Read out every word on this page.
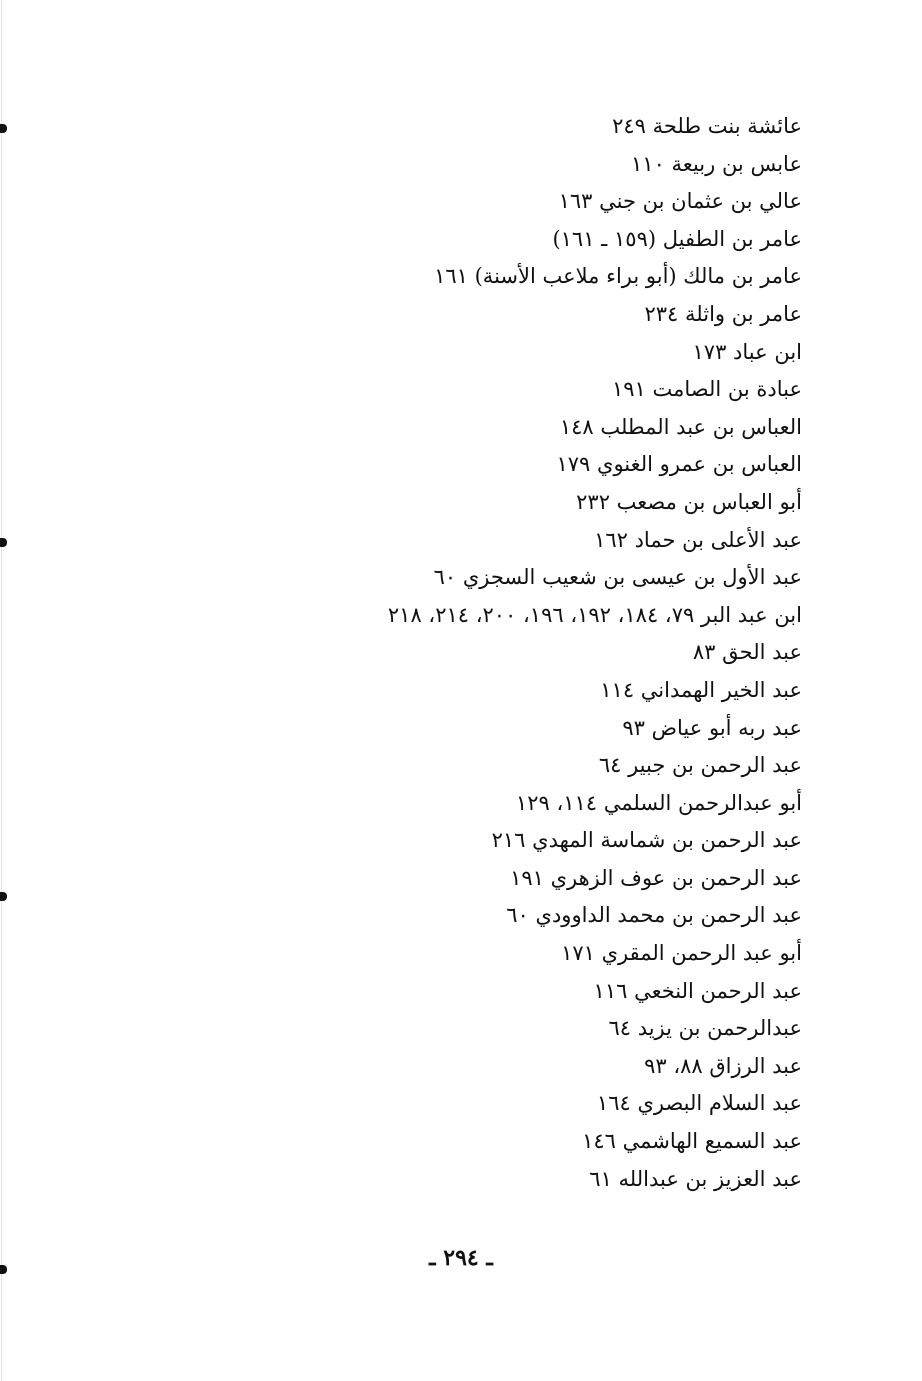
عائشة بنت طلحة ٢٤٩
عابس بن ربيعة ١١٠
عالي بن عثمان بن جني ١٦٣
عامر بن الطفيل (١٥٩ ـ ١٦١)
عامر بن مالك (أبو براء ملاعب الأسنة) ١٦١
عامر بن واثلة ٢٣٤
ابن عباد ١٧٣
عبادة بن الصامت ١٩١
العباس بن عبد المطلب ١٤٨
العباس بن عمرو الغنوي ١٧٩
أبو العباس بن مصعب ٢٣٢
عبد الأعلى بن حماد ١٦٢
عبد الأول بن عيسى بن شعيب السجزي ٦٠
ابن عبد البر ٧٩، ١٨٤، ١٩٢، ١٩٦، ٢٠٠، ٢١٤، ٢١٨
عبد الحق ٨٣
عبد الخير الهمداني ١١٤
عبد ربه أبو عياض ٩٣
عبد الرحمن بن جبير ٦٤
أبو عبدالرحمن السلمي ١١٤، ١٢٩
عبد الرحمن بن شماسة المهدي ٢١٦
عبد الرحمن بن عوف الزهري ١٩١
عبد الرحمن بن محمد الداوودي ٦٠
أبو عبد الرحمن المقري ١٧١
عبد الرحمن النخعي ١١٦
عبدالرحمن بن يزيد ٦٤
عبد الرزاق ٨٨، ٩٣
عبد السلام البصري ١٦٤
عبد السميع الهاشمي ١٤٦
عبد العزيز بن عبدالله ٦١
ـ ٢٩٤ ـ
